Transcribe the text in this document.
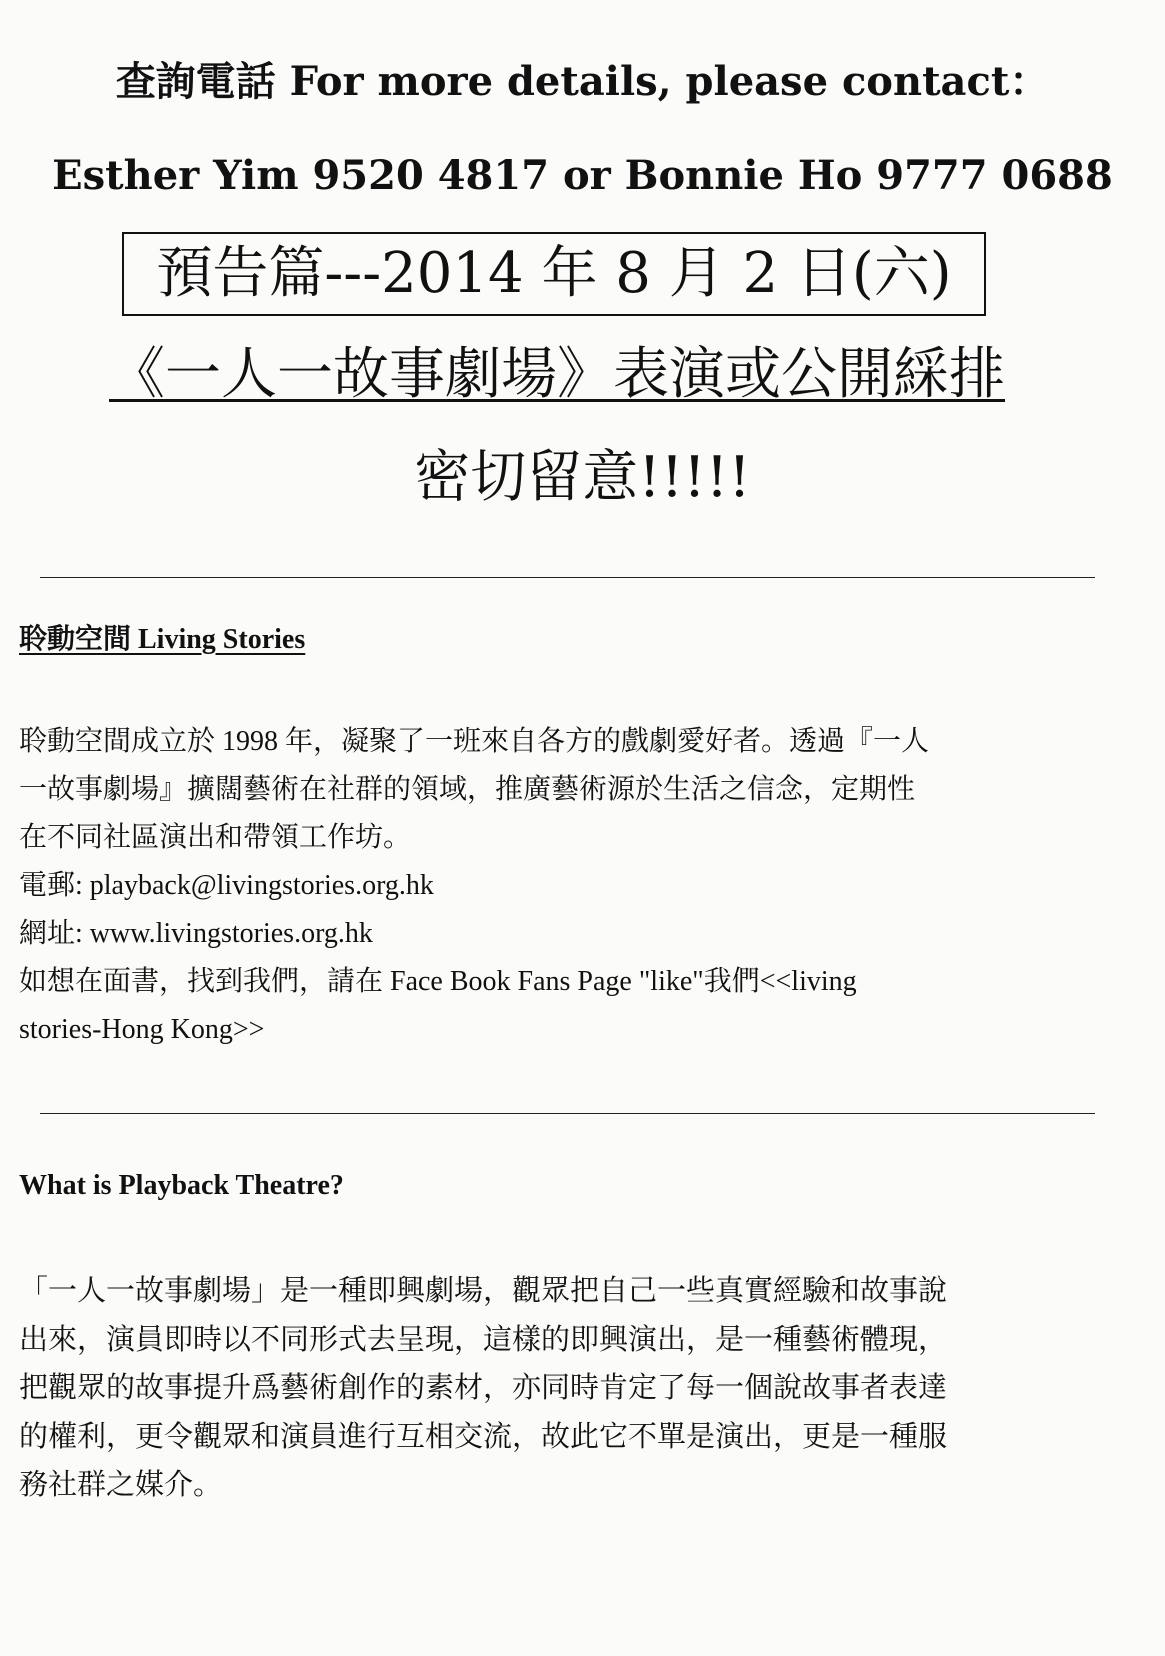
查詢電話 For more details, please contact：
Esther Yim 9520 4817 or Bonnie Ho 9777 0688
預告篇---2014 年 8 月 2 日(六)
《一人一故事劇場》表演或公開綵排
密切留意!!!!!
聆動空間 Living Stories
聆動空間成立於 1998 年，凝聚了一班來自各方的戲劇愛好者。透過『一人
一故事劇場』擴闊藝術在社群的領域，推廣藝術源於生活之信念，定期性
在不同社區演出和帶領工作坊。
電郵: playback@livingstories.org.hk
網址: www.livingstories.org.hk
如想在面書，找到我們，請在 Face Book Fans Page "like"我們<<living
stories-Hong Kong>>
What is Playback Theatre?
「一人一故事劇場」是一種即興劇場，觀眾把自己一些真實經驗和故事說
出來，演員即時以不同形式去呈現，這樣的即興演出，是一種藝術體現，
把觀眾的故事提升爲藝術創作的素材，亦同時肯定了每一個說故事者表達
的權利，更令觀眾和演員進行互相交流，故此它不單是演出，更是一種服
務社群之媒介。
